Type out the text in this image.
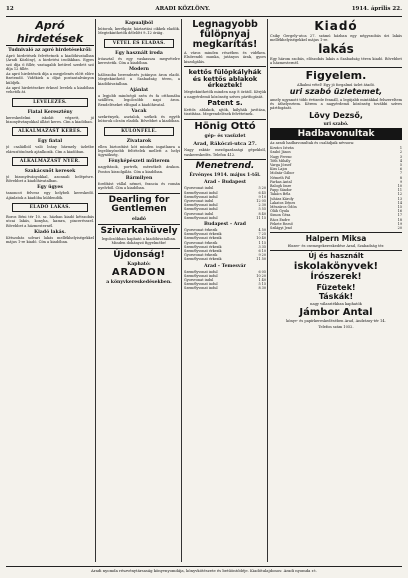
12	ARADI KÖZLÖNY.	1914. április 22.
Apró hirdetések
Tudnivaló az apró hirdetésekről:

Apró hirdetések felvétetnek a kiadóhivatalban (Aradi Közlöny), a hirdetési irodákban. Egyes szó díja 6 fillér, vastagabb betűvel szedett szó díja 12 fillér.

Az apró hirdetések díja a megjelenés előtt előre fizetendő. Vidékiek a díjat postautalványon küldjék.

Az apró hirdetésekre érkező levelek a kiadóban vehetők át.

LEVELEZÉS.
Fiatal Keresztény

kereskedelmi iskolát végzett, jó bizonyítványokkal állást keres. Cím a kiadóban.

ALKALMAZÁST KERES.
Egy fiatal

jó családból való leány bármely üzletbe elárusítónőnek ajánlkozik. Cím a kiadóban.

ALKALMAZÁST NYER.
Szakácsnőt keresek

jó bizonyítványokkal, azonnali belépésre. Bővebbet a kiadóhivatalban.

Egy ügyes

tanoncot felvesz egy helybeli kereskedő. Ajánlatok a kiadóba küldendők.

ELADÓ LAKÁS.

Boros Béni tér 10. sz. házban kiadó kétszobás utcai lakás, konyha, kamra, pincerésszel. Bővebbet a házmesternél.

Kiadó lakás.

Kétszobás udvari lakás mellékhelyiségekkel május 1-re kiadó. Cím a kiadóban.

Kapualjból

bútorok, kerékpár, háztartási cikkek eladók. Megtekinthetők délelőtt 9–12 óráig.

VÉTEL ÉS ELADÁS.
Egy használt iroda

íróasztal és egy vaskassza megvételre kerestetik. Cím a kiadóban.

Modern

hálószoba berendezés jutányos áron eladó. Megtekinthető a Szabadság téren, a kiadóhivatalban.

Ajánlat

a legjobb minőségű szén és fa otthonába szállítva, legolcsóbb napi áron. Rendeléseket elfogad a kiadóhivatal.

Vacak

szekrények, asztalok, székek és egyéb bútorok olcsón eladók. Bővebbet a kiadóban.

KÜLÖNFÉLE.
Zivatarok

ellen biztosítást köt minden ingatlanra a legelőnyösebb feltételek mellett a helyi ügynökség.

Fényképészeti műterem

nagyítások, portrék, mérsékelt árakon. Pontos kiszolgálás. Cím a kiadóban.

Bármilyen

fordítást vállal német, francia és román nyelvből. Cím a kiadóban.

Dearling for Gentlemen
eladó
Szivarkahüvely

legolcsóbban kapható a kiadóhivatalban. Minden dohányzó figyelmébe!

Újdonság!
Kapható:
ARADON
a könyvkereskedésekben.
Legnagyobb fülöpnyaj megkarítás!

A város minden részében és vidéken. Elsőrendű munka, jutányos árak, gyors kiszolgálás.

kettős fülöpkályhák és kettős ablakok érkeztek!

Megtekinthetők minden nap 8 órától. Kérjük a nagyérdemű közönség szíves pártfogását.

Patent s.

Kettős ablakok, ajtók, kályhák javítása, tisztítása. Megrendelések felvétetnek.

Hönig Ottó
gép- és vasüzlet
Arad, Rákóczi-utca 27.

Nagy raktár mezőgazdasági gépekből, vaskereskedés. Telefon 412.

Menetrend.
Érvényes 1914. május 1-től.
Arad – Budapest
Gyorsvonat indul	5 20
Személyvonat indul	6 45
Személyvonat indul	9 10
Gyorsvonat indul	12 05
Személyvonat indul	2 30
Személyvonat indul	5 55
Gyorsvonat indul	8 40
Személyvonat indul	11 15
Budapest – Arad
Gyorsvonat érkezik	4 50
Személyvonat érkezik	7 25
Személyvonat érkezik	10 40
Gyorsvonat érkezik	1 15
Személyvonat érkezik	3 35
Személyvonat érkezik	6 10
Gyorsvonat érkezik	9 20
Személyvonat érkezik	11 50
Arad – Temesvár
Személyvonat indul	6 05
Személyvonat indul	10 20
Gyorsvonat indul	1 40
Személyvonat indul	5 15
Személyvonat indul	8 30
Kiadó

Csiky Gergely-utca 27. számú házban egy négyszobás úri lakás mellékhelyiségekkel május 1-re.

lakás

Egy három szobás, előszobás lakás a Szabadság téren kiadó. Bővebbet a házmesternél.

Figyelem.

Alkalmi vétel! Egy jó forgalmú üzlet átadó.

uri szabó üzletemet,

amely ugyanott több évtizede fennáll, a legújabb mintákkal felszereltem és áthelyeztem. Kérem a nagyérdemű közönség további szíves pártfogását.

Lövy Dezső,
uri szabó.
Hadbavonultak

Az aradi hadbavonultak és családjaik névsora:

Kovács István	1
Szabó János	2
Nagy Ferenc	3
Tóth Mihály	4
Varga József	5
Kiss Lajos	6
Molnár Gábor	7
Németh Pál	8
Farkas Antal	9
Balogh Imre	10
Papp Sándor	11
Takács Béla	12
Juhász Károly	13
Lakatos Dénes	14
Mészáros Ödön	15
Oláh Gyula	16
Simon Géza	17
Rácz Endre	18
Fekete Rezső	19
Szilágyi Jenő	20
Halpern Miksa

fűszer- és csemegekereskedése Arad, Szabadság tér.

Új és használt
iskolakönyvek!
Írószerek!
Füzetek!
Táskák!

nagy választékban kaphatók

Jámbor Antal

könyv- és papírkereskedésében Arad, Andrássy-tér 14.

Telefon szám 1052.

Aradi nyomda részvénytársaság könyvnyomdája, könyvkötészete és betűöntődéje. Kiadótulajdonos: Aradi nyomda r.t.
